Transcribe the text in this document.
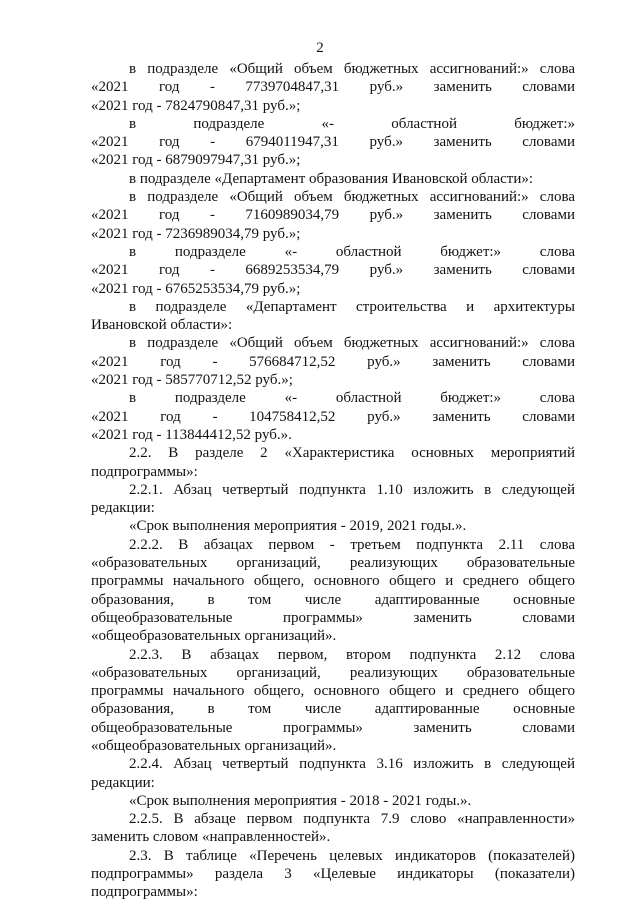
2
в подразделе «Общий объем бюджетных ассигнований:» слова
«2021 год - 7739704847,31 руб.» заменить словами
«2021 год - 7824790847,31 руб.»;
в подразделе «- областной бюджет:»
«2021 год - 6794011947,31 руб.» заменить словами
«2021 год - 6879097947,31 руб.»;
в подразделе «Департамент образования Ивановской области»:
в подразделе «Общий объем бюджетных ассигнований:» слова
«2021 год - 7160989034,79 руб.» заменить словами
«2021 год - 7236989034,79 руб.»;
в подразделе «- областной бюджет:» слова
«2021 год - 6689253534,79 руб.» заменить словами
«2021 год - 6765253534,79 руб.»;
в подразделе «Департамент строительства и архитектуры
Ивановской области»:
в подразделе «Общий объем бюджетных ассигнований:» слова
«2021 год - 576684712,52 руб.» заменить словами
«2021 год - 585770712,52 руб.»;
в подразделе «- областной бюджет:» слова
«2021 год - 104758412,52 руб.» заменить словами
«2021 год - 113844412,52 руб.».
2.2. В разделе 2 «Характеристика основных мероприятий
подпрограммы»:
2.2.1. Абзац четвертый подпункта 1.10 изложить в следующей
редакции:
«Срок выполнения мероприятия - 2019, 2021 годы.».
2.2.2. В абзацах первом - третьем подпункта 2.11 слова
«образовательных организаций, реализующих образовательные
программы начального общего, основного общего и среднего общего
образования, в том числе адаптированные основные
общеобразовательные программы» заменить словами
«общеобразовательных организаций».
2.2.3. В абзацах первом, втором подпункта 2.12 слова
«образовательных организаций, реализующих образовательные
программы начального общего, основного общего и среднего общего
образования, в том числе адаптированные основные
общеобразовательные программы» заменить словами
«общеобразовательных организаций».
2.2.4. Абзац четвертый подпункта 3.16 изложить в следующей
редакции:
«Срок выполнения мероприятия - 2018 - 2021 годы.».
2.2.5. В абзаце первом подпункта 7.9 слово «направленности»
заменить словом «направленностей».
2.3. В таблице «Перечень целевых индикаторов (показателей)
подпрограммы» раздела 3 «Целевые индикаторы (показатели)
подпрограммы»:
